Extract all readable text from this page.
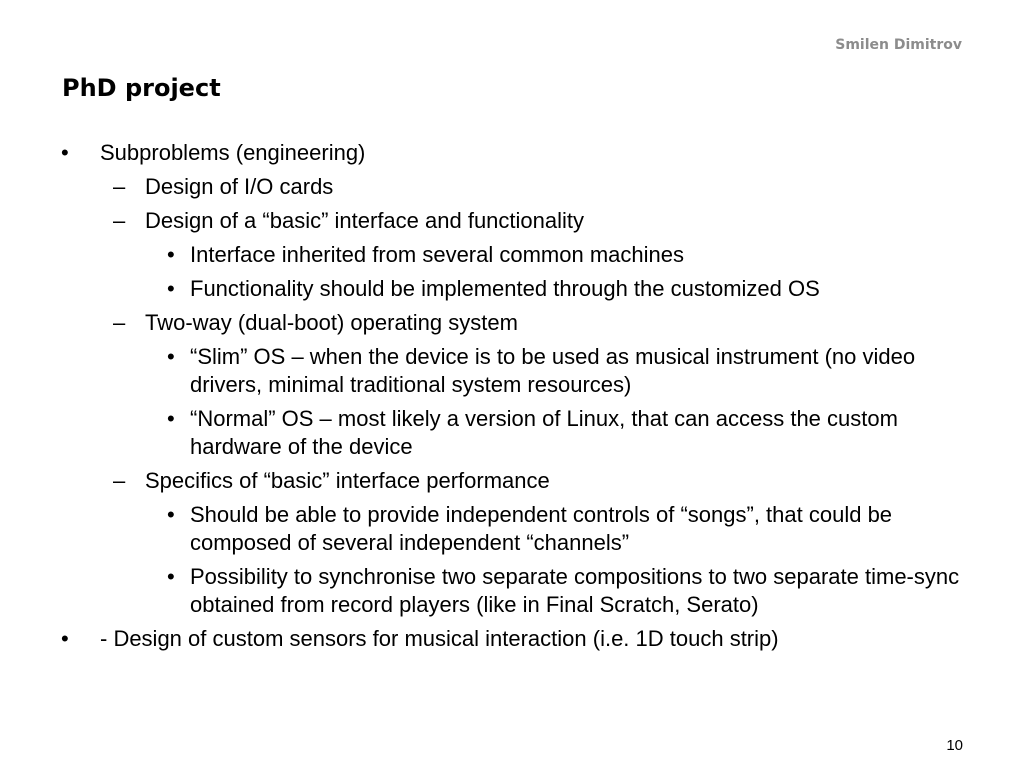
Smilen Dimitrov
PhD project
• Subproblems (engineering)
– Design of I/O cards
– Design of a “basic” interface and functionality
• Interface inherited from several common machines
• Functionality should be implemented through the customized OS
– Two-way (dual-boot) operating system
• “Slim” OS – when the device is to be used as musical instrument (no video drivers, minimal traditional system resources)
• “Normal” OS – most likely a version of Linux, that can access the custom hardware of the device
– Specifics of “basic” interface performance
• Should be able to provide independent controls of “songs”, that could be composed of several independent “channels”
• Possibility to synchronise two separate compositions to two separate time-sync obtained from record players (like in Final Scratch, Serato)
• - Design of custom sensors for musical interaction (i.e. 1D touch strip)
10
